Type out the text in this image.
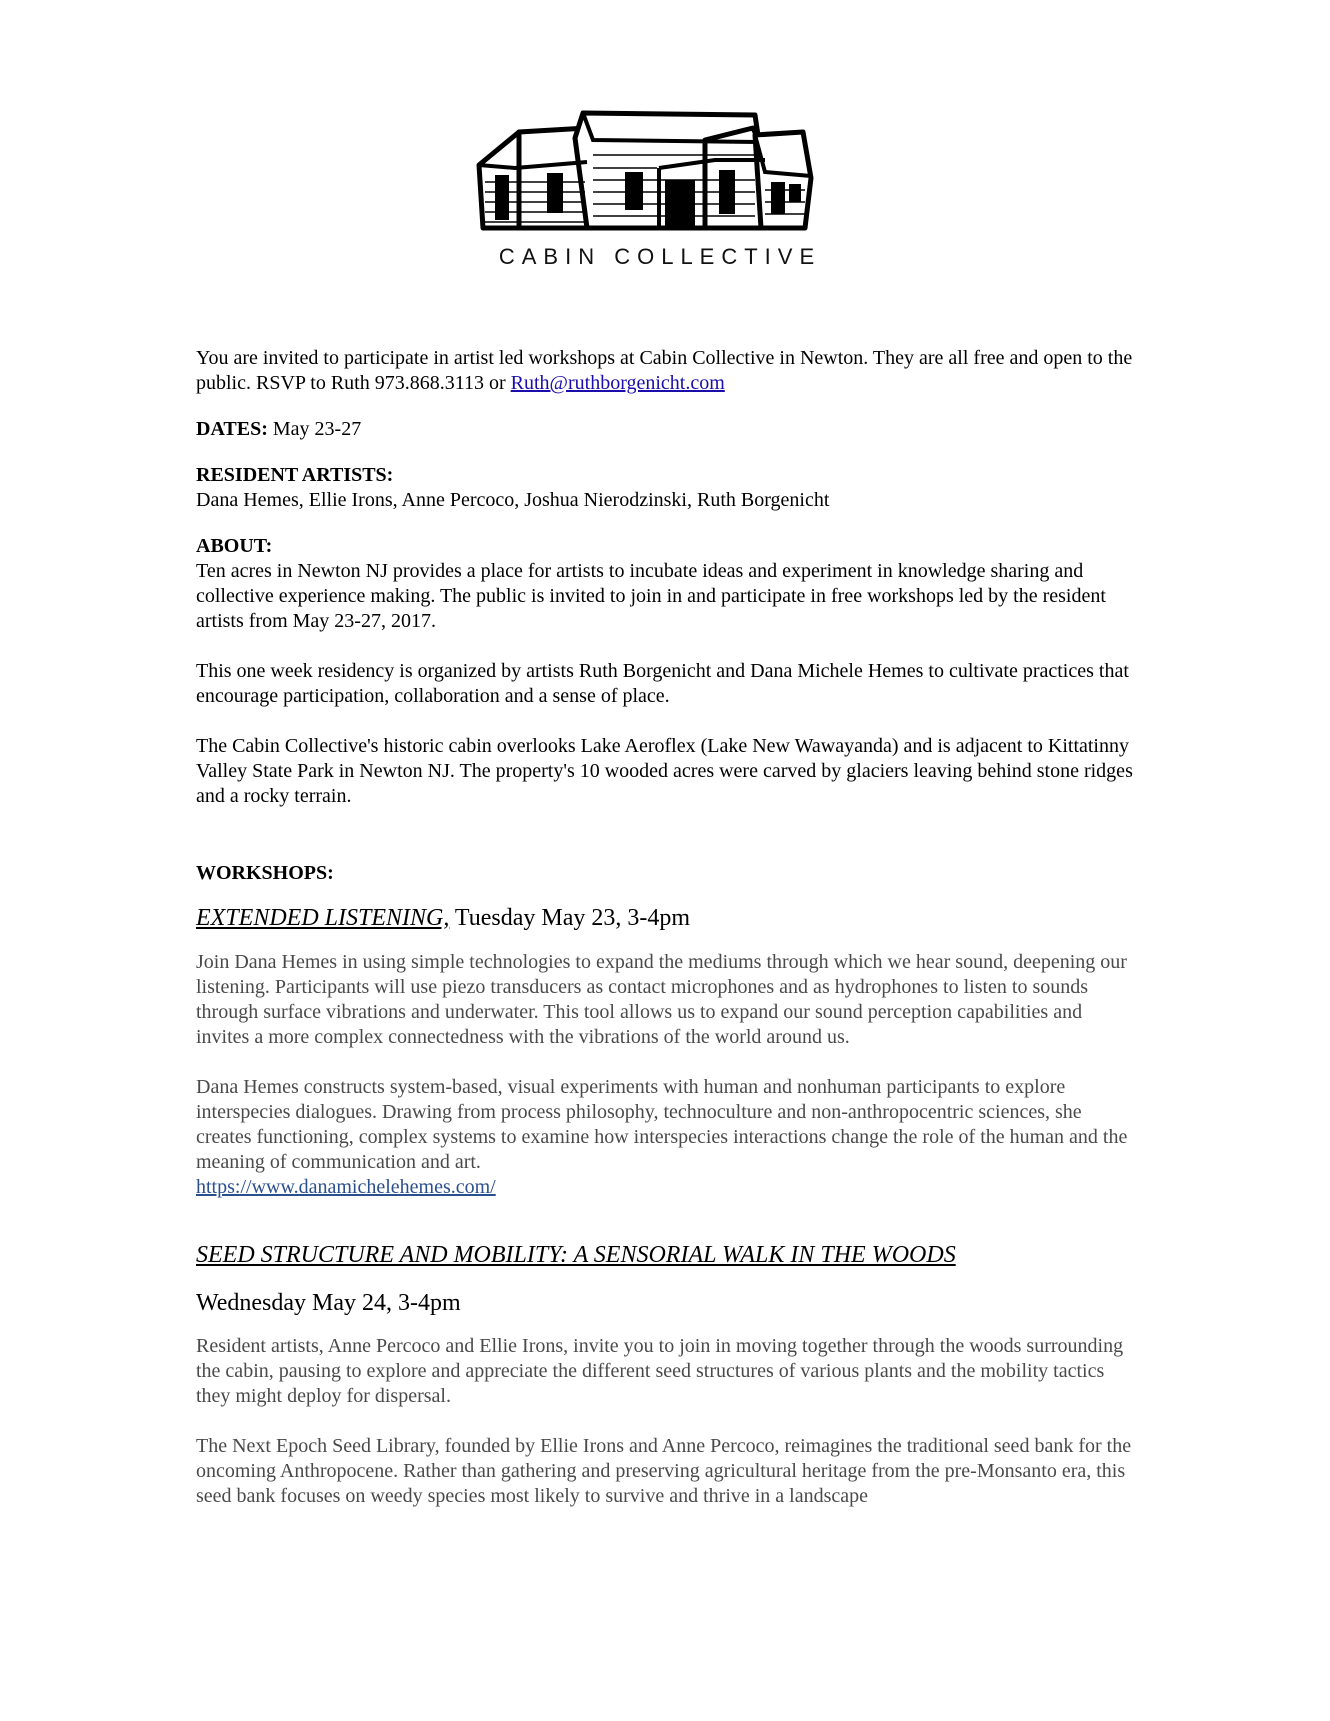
CABIN COLLECTIVE

You are invited to participate in artist led workshops at Cabin Collective in Newton. They are all free and open to the public. RSVP to Ruth 973.868.3113 or Ruth@ruthborgenicht.com

DATES: May 23-27

RESIDENT ARTISTS:

Dana Hemes, Ellie Irons, Anne Percoco, Joshua Nierodzinski, Ruth Borgenicht

ABOUT:

Ten acres in Newton NJ provides a place for artists to incubate ideas and experiment in knowledge sharing and collective experience making. The public is invited to join in and participate in free workshops led by the resident artists from May 23-27, 2017.

This one week residency is organized by artists Ruth Borgenicht and Dana Michele Hemes to cultivate practices that encourage participation, collaboration and a sense of place.

The Cabin Collective's historic cabin overlooks Lake Aeroflex (Lake New Wawayanda) and is adjacent to Kittatinny Valley State Park in Newton NJ. The property's 10 wooded acres were carved by glaciers leaving behind stone ridges and a rocky terrain.

WORKSHOPS:

EXTENDED LISTENING, Tuesday May 23, 3-4pm

Join Dana Hemes in using simple technologies to expand the mediums through which we hear sound, deepening our listening. Participants will use piezo transducers as contact microphones and as hydrophones to listen to sounds through surface vibrations and underwater. This tool allows us to expand our sound perception capabilities and invites a more complex connectedness with the vibrations of the world around us.

Dana Hemes constructs system-based, visual experiments with human and nonhuman participants to explore interspecies dialogues. Drawing from process philosophy, technoculture and non-anthropocentric sciences, she creates functioning, complex systems to examine how interspecies interactions change the role of the human and the meaning of communication and art.

https://www.danamichelehemes.com/

SEED STRUCTURE AND MOBILITY: A SENSORIAL WALK IN THE WOODS

Wednesday May 24, 3-4pm

Resident artists, Anne Percoco and Ellie Irons, invite you to join in moving together through the woods surrounding the cabin, pausing to explore and appreciate the different seed structures of various plants and the mobility tactics they might deploy for dispersal.

The Next Epoch Seed Library, founded by Ellie Irons and Anne Percoco, reimagines the traditional seed bank for the oncoming Anthropocene. Rather than gathering and preserving agricultural heritage from the pre-Monsanto era, this seed bank focuses on weedy species most likely to survive and thrive in a landscape
